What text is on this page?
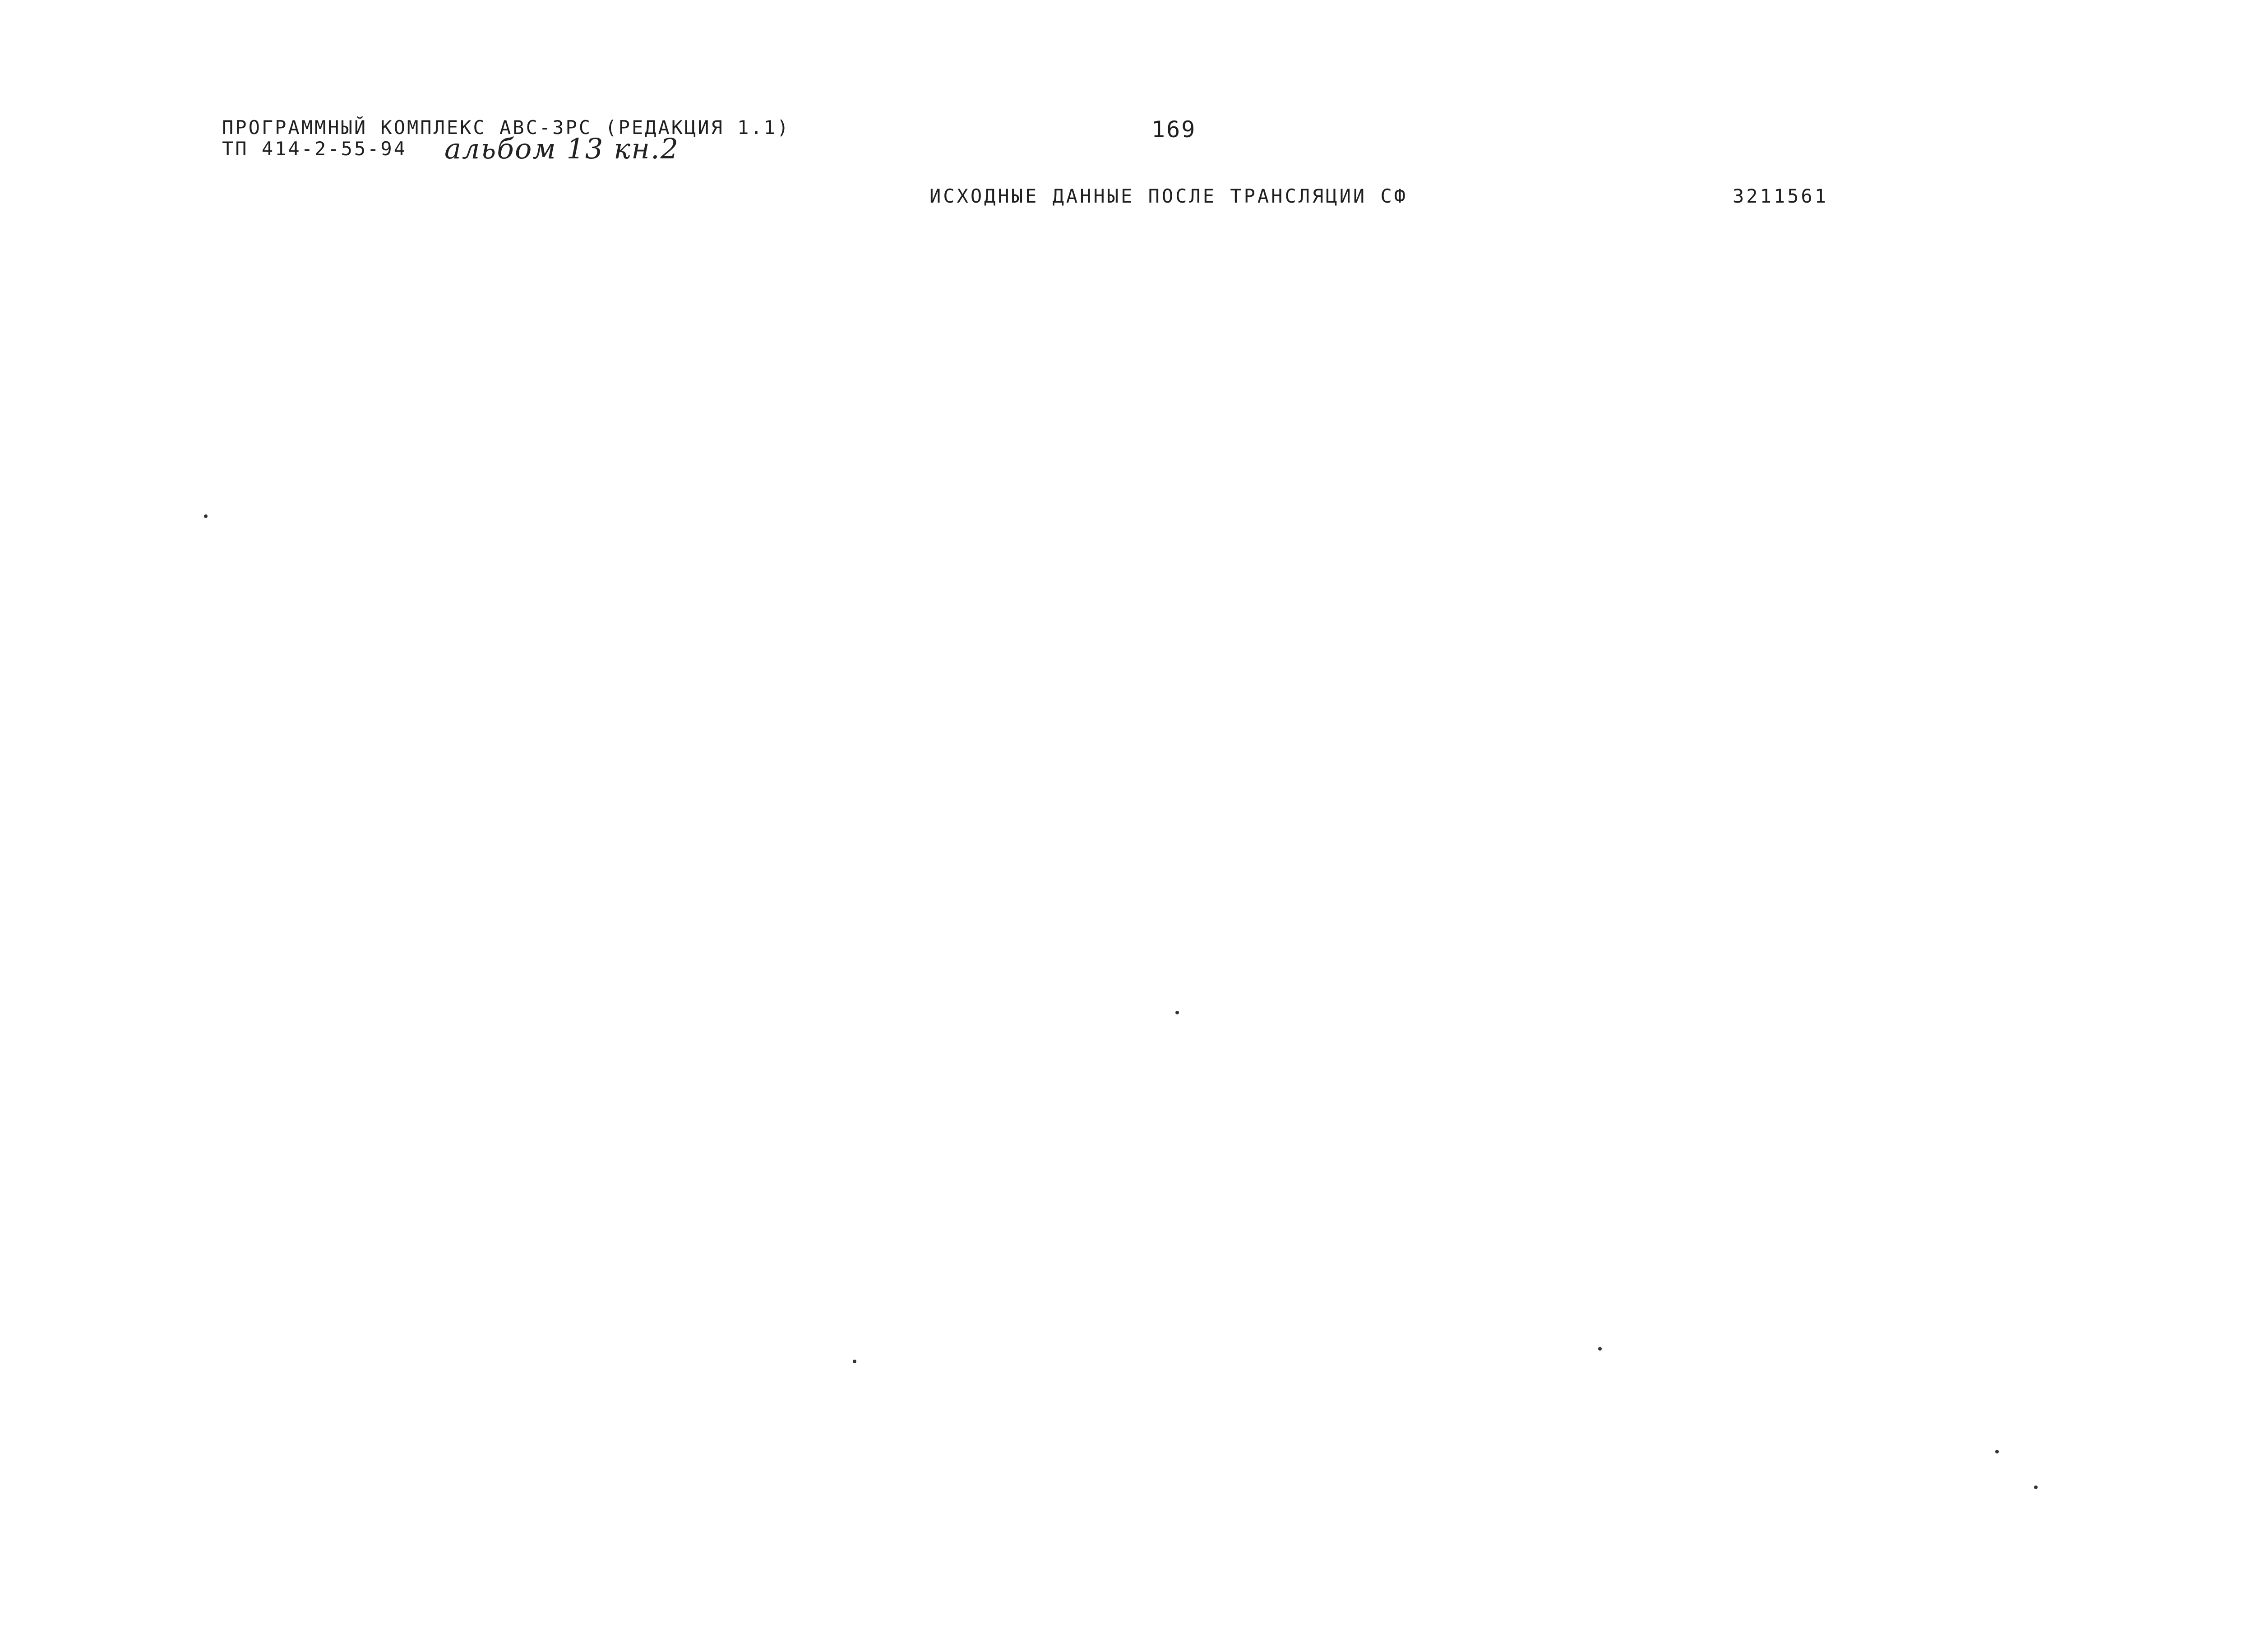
ПРОГРАММНЫЙ КОМПЛЕКС АВС-ЗРС (РЕДАКЦИЯ 1.1)
ТП 414-2-55-94 альбом 13 кн.2
169
ИСХОДНЫЕ ДАННЫЕ ПОСЛЕ ТРАНСЛЯЦИИ СФ	3211561
